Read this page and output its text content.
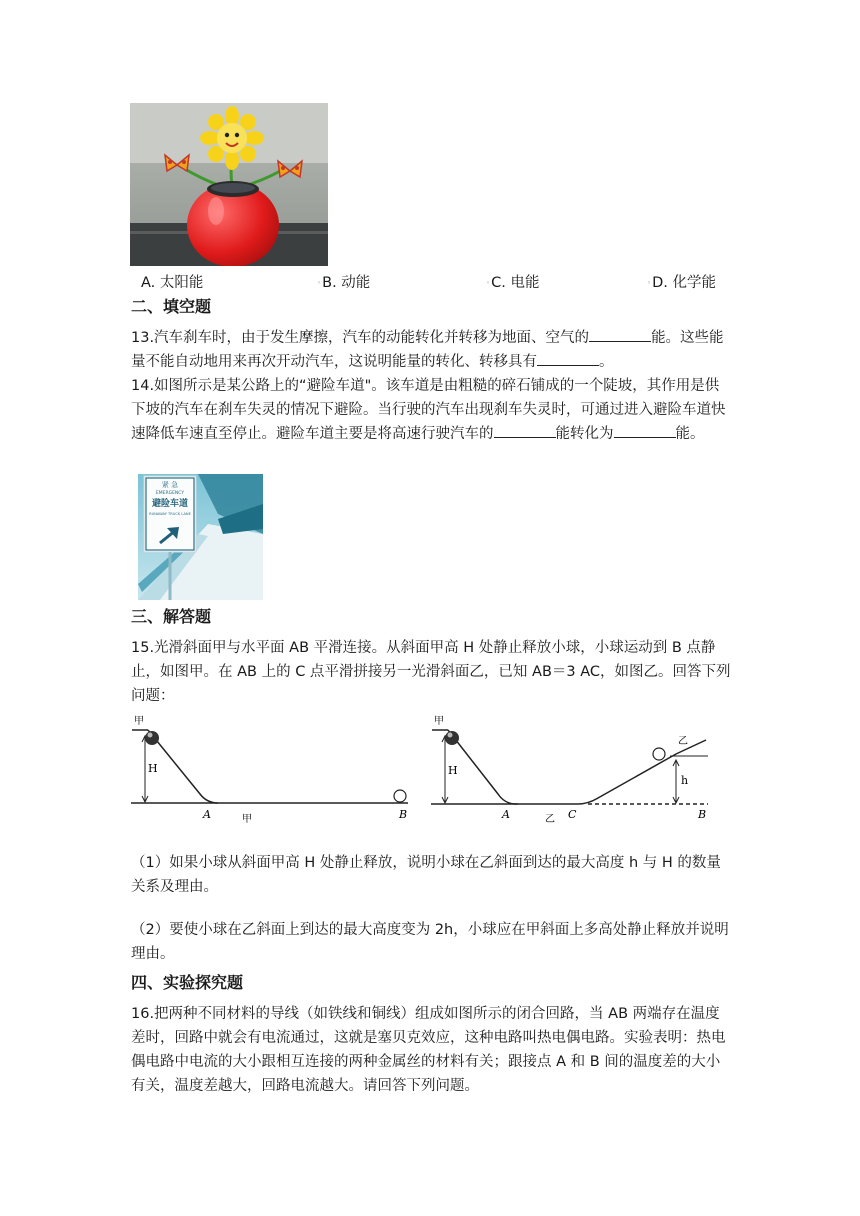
A. 太阳能	◦B. 动能	◦C. 电能	◦D. 化学能
二、填空题
13.汽车刹车时，由于发生摩擦，汽车的动能转化并转移为地面、空气的	能。这些能量不能自动地用来再次开动汽车，这说明能量的转化、转移具有	。
14.如图所示是某公路上的“避险车道"。该车道是由粗糙的碎石铺成的一个陡坡，其作用是供下坡的汽车在刹车失灵的情况下避险。当行驶的汽车出现刹车失灵时，可通过进入避险车道快速降低车速直至停止。避险车道主要是将高速行驶汽车的	能转化为	能。
紧 急
EMERGENCY
避险车道
RUNAWAY TRUCK LANE
三、解答题
15.光滑斜面甲与水平面 AB 平滑连接。从斜面甲高 H 处静止释放小球，小球运动到 B 点静止，如图甲。在 AB 上的 C 点平滑拼接另一光滑斜面乙，已知 AB＝3 AC，如图乙。回答下列问题：
甲
H
A	甲	B
甲
乙
H
h
A	乙 C	B
（1）如果小球从斜面甲高 H 处静止释放，说明小球在乙斜面到达的最大高度 h 与 H 的数量关系及理由。
（2）要使小球在乙斜面上到达的最大高度变为 2h，小球应在甲斜面上多高处静止释放并说明理由。
四、实验探究题
16.把两种不同材料的导线（如铁线和铜线）组成如图所示的闭合回路，当 AB 两端存在温度差时，回路中就会有电流通过，这就是塞贝克效应，这种电路叫热电偶电路。实验表明：热电偶电路中电流的大小跟相互连接的两种金属丝的材料有关；跟接点 A 和 B 间的温度差的大小有关，温度差越大，回路电流越大。请回答下列问题。
